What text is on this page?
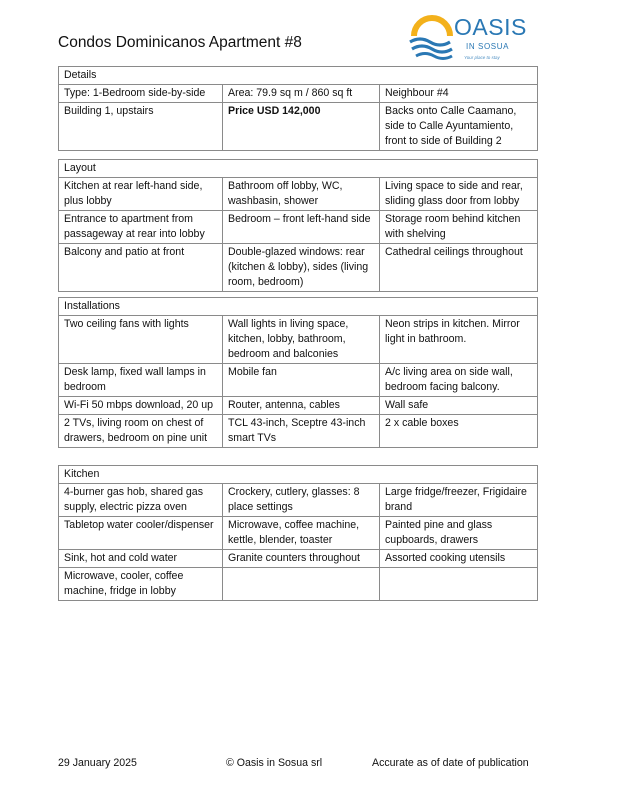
Condos Dominicanos Apartment #8
OASIS
IN SOSUA
Your place to stay
Details		
Type: 1-Bedroom side-by-side	Area: 79.9 sq m / 860 sq ft	Neighbour #4
Building 1, upstairs	Price USD 142,000	Backs onto Calle Caamano, side to Calle Ayuntamiento, front to side of Building 2
Layout		
Kitchen at rear left-hand side, plus lobby	Bathroom off lobby, WC, washbasin, shower	Living space to side and rear, sliding glass door from lobby
Entrance to apartment from passageway at rear into lobby	Bedroom – front left-hand side	Storage room behind kitchen with shelving
Balcony and patio at front	Double-glazed windows: rear (kitchen & lobby), sides (living room, bedroom)	Cathedral ceilings throughout
Installations		
Two ceiling fans with lights	Wall lights in living space, kitchen, lobby, bathroom, bedroom and balconies	Neon strips in kitchen. Mirror light in bathroom.
Desk lamp, fixed wall lamps in bedroom	Mobile fan	A/c living area on side wall, bedroom facing balcony.
Wi-Fi 50 mbps download, 20 up	Router, antenna, cables	Wall safe
2 TVs, living room on chest of drawers, bedroom on pine unit	TCL 43-inch, Sceptre 43-inch smart TVs	2 x cable boxes
Kitchen		
4-burner gas hob, shared gas supply, electric pizza oven	Crockery, cutlery, glasses: 8 place settings	Large fridge/freezer, Frigidaire brand
Tabletop water cooler/dispenser	Microwave, coffee machine, kettle, blender, toaster	Painted pine and glass cupboards, drawers
Sink, hot and cold water	Granite counters throughout	Assorted cooking utensils
Microwave, cooler, coffee machine, fridge in lobby		
29 January 2025	© Oasis in Sosua srl	Accurate as of date of publication
